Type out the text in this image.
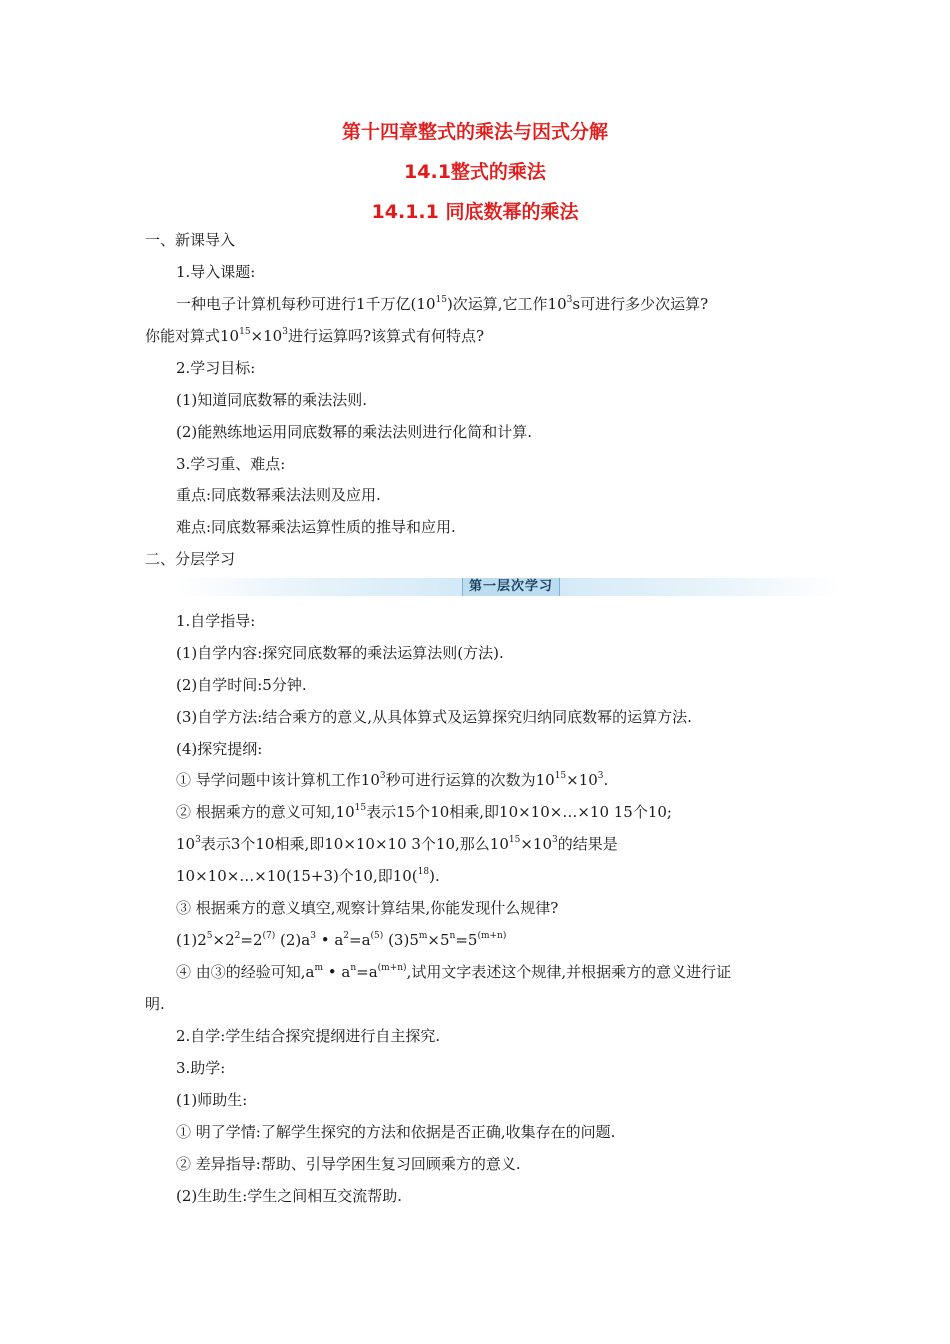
第十四章整式的乘法与因式分解
14.1整式的乘法
14.1.1 同底数幂的乘法
一、新课导入
1.导入课题:
一种电子计算机每秒可进行1千万亿$(10^{15})$次运算,它工作$10^3s$可进行多少次运算?
你能对算式$10^{15}\times 10^3$进行运算吗?该算式有何特点?
2.学习目标:
(1)知道同底数幂的乘法法则.
(2)能熟练地运用同底数幂的乘法法则进行化简和计算.
3.学习重、难点:
重点:同底数幂乘法法则及应用.
难点:同底数幂乘法运算性质的推导和应用.
二、分层学习
第一层次学习
1.自学指导:
(1)自学内容:探究同底数幂的乘法运算法则(方法).
(2)自学时间:5分钟.
(3)自学方法:结合乘方的意义,从具体算式及运算探究归纳同底数幂的运算方法.
(4)探究提纲:
① 导学问题中该计算机工作$10^3$秒可进行运算的次数为$10^{15}\times 10^3$.
② 根据乘方的意义可知$,10^{15}$表示15个10相乘,即10×10×…×10 15个10;
$10^3$表示3个10相乘,即10×10×10 3个10,那么$10^{15}\times 10^3$的结果是
10×10×…×10(15+3)个10,即10($^{18}$).
③ 根据乘方的意义填空,观察计算结果,你能发现什么规律?
$(1)2^5\times 2^2=2^{(7)}$ $(2)a^3$ • $a^2=a^{(5)}$ $(3)5^m\times 5^n=5^{(m+n)}$
④ 由③的经验可知$,a^m$ • $a^n=a^{(m+n)}$,试用文字表述这个规律,并根据乘方的意义进行证
明.
2.自学:学生结合探究提纲进行自主探究.
3.助学:
(1)师助生:
① 明了学情:了解学生探究的方法和依据是否正确,收集存在的问题.
② 差异指导:帮助、引导学困生复习回顾乘方的意义.
(2)生助生:学生之间相互交流帮助.
